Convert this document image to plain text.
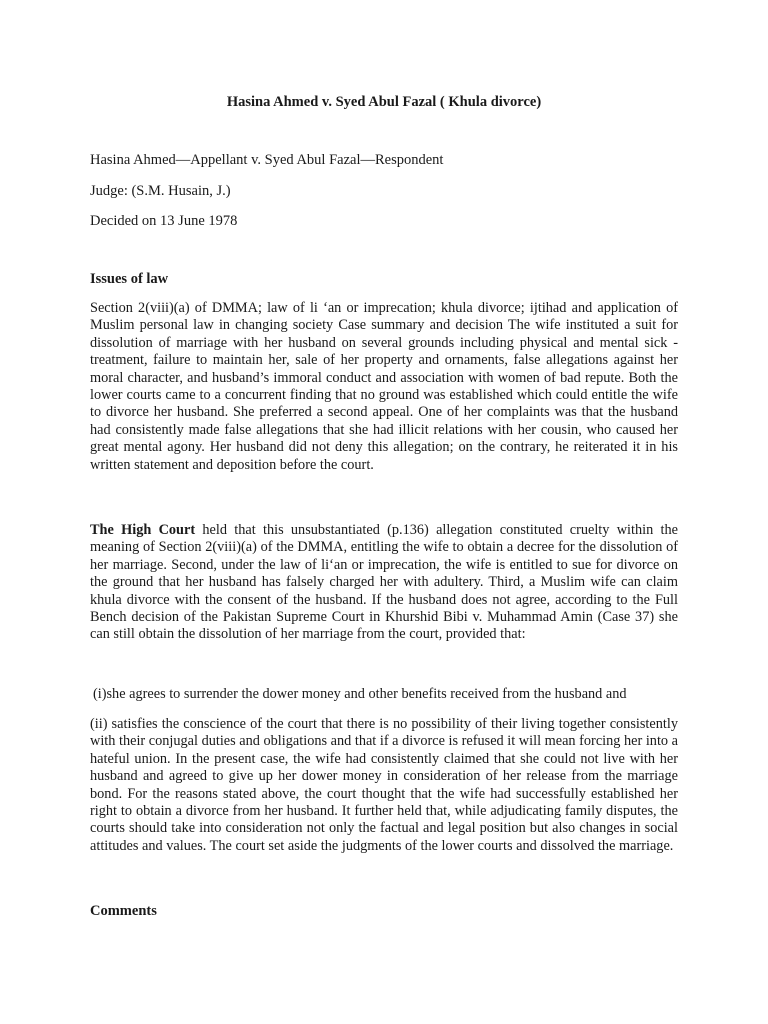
Hasina Ahmed v. Syed Abul Fazal ( Khula divorce)
Hasina Ahmed—Appellant v. Syed Abul Fazal—Respondent
Judge: (S.M. Husain, J.)
Decided on 13 June 1978
Issues of law
Section 2(viii)(a) of DMMA; law of li ‘an or imprecation; khula divorce; ijtihad and application of Muslim personal law in changing society Case summary and decision The wife instituted a suit for dissolution of marriage with her husband on several grounds including physical and mental sick -treatment, failure to maintain her, sale of her property and ornaments, false allegations against her moral character, and husband’s immoral conduct and association with women of bad repute. Both the lower courts came to a concurrent finding that no ground was established which could entitle the wife to divorce her husband. She preferred a second appeal. One of her complaints was that the husband had consistently made false allegations that she had illicit relations with her cousin, who caused her great mental agony. Her husband did not deny this allegation; on the contrary, he reiterated it in his written statement and deposition before the court.
The High Court held that this unsubstantiated (p.136) allegation constituted cruelty within the meaning of Section 2(viii)(a) of the DMMA, entitling the wife to obtain a decree for the dissolution of her marriage. Second, under the law of li‘an or imprecation, the wife is entitled to sue for divorce on the ground that her husband has falsely charged her with adultery. Third, a Muslim wife can claim khula divorce with the consent of the husband. If the husband does not agree, according to the Full Bench decision of the Pakistan Supreme Court in Khurshid Bibi v. Muhammad Amin (Case 37) she can still obtain the dissolution of her marriage from the court, provided that:
(i)she agrees to surrender the dower money and other benefits received from the husband and
(ii) satisfies the conscience of the court that there is no possibility of their living together consistently with their conjugal duties and obligations and that if a divorce is refused it will mean forcing her into a hateful union. In the present case, the wife had consistently claimed that she could not live with her husband and agreed to give up her dower money in consideration of her release from the marriage bond. For the reasons stated above, the court thought that the wife had successfully established her right to obtain a divorce from her husband. It further held that, while adjudicating family disputes, the courts should take into consideration not only the factual and legal position but also changes in social attitudes and values. The court set aside the judgments of the lower courts and dissolved the marriage.
Comments
